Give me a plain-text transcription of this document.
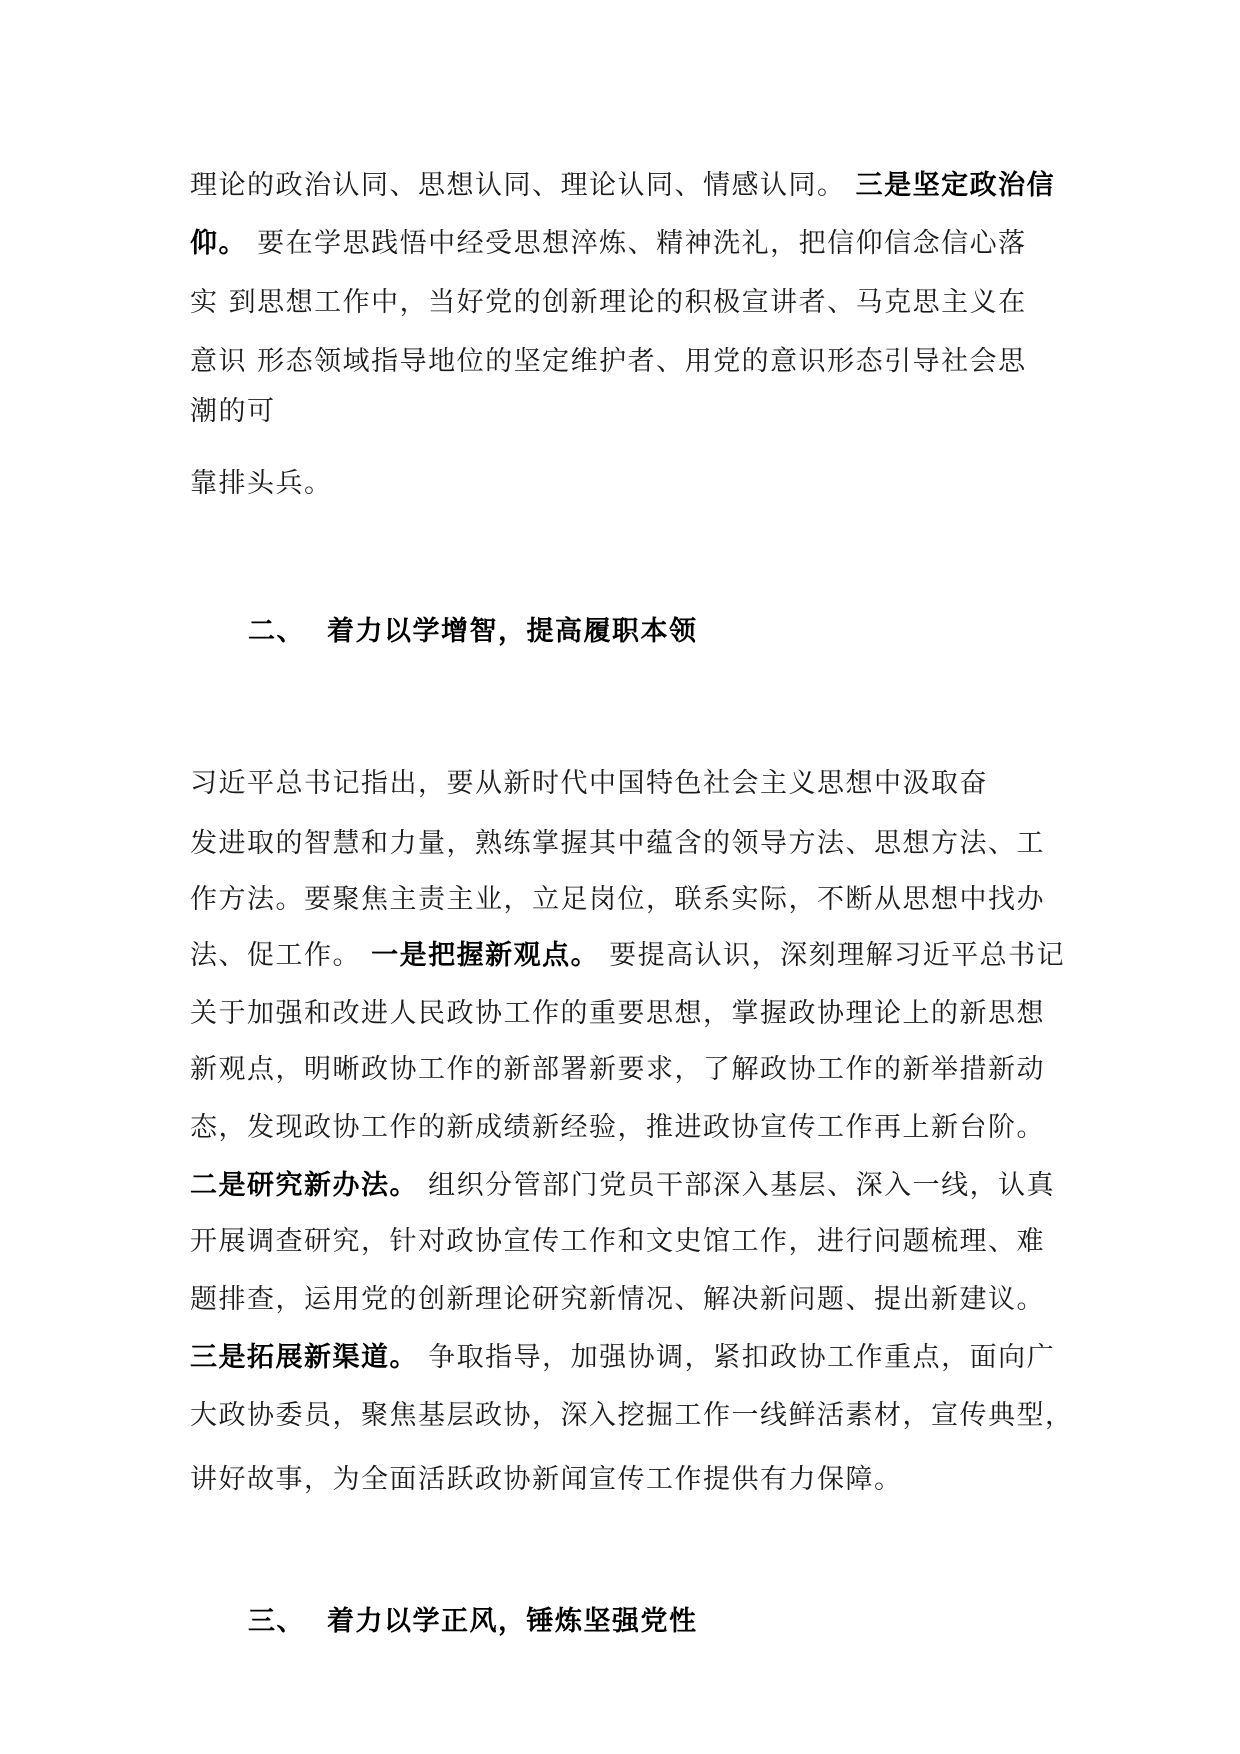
理论的政治认同、思想认同、理论认同、情感认同。 三是坚定政治信
仰。 要在学思践悟中经受思想淬炼、精神洗礼，把信仰信念信心落
实 到思想工作中，当好党的创新理论的积极宣讲者、马克思主义在
意识 形态领域指导地位的坚定维护者、用党的意识形态引导社会思
潮的可
靠排头兵。
二、 着力以学增智，提高履职本领
习近平总书记指出，要从新时代中国特色社会主义思想中汲取奋
发进取的智慧和力量，熟练掌握其中蕴含的领导方法、思想方法、工
作方法。要聚焦主责主业，立足岗位，联系实际，不断从思想中找办
法、促工作。 一是把握新观点。 要提高认识，深刻理解习近平总书记
关于加强和改进人民政协工作的重要思想，掌握政协理论上的新思想
新观点，明晰政协工作的新部署新要求，了解政协工作的新举措新动
态，发现政协工作的新成绩新经验，推进政协宣传工作再上新台阶。
二是研究新办法。 组织分管部门党员干部深入基层、深入一线，认真
开展调查研究，针对政协宣传工作和文史馆工作，进行问题梳理、难
题排查，运用党的创新理论研究新情况、解决新问题、提出新建议。
三是拓展新渠道。 争取指导，加强协调，紧扣政协工作重点，面向广
大政协委员，聚焦基层政协，深入挖掘工作一线鲜活素材，宣传典型，
讲好故事，为全面活跃政协新闻宣传工作提供有力保障。
三、 着力以学正风，锤炼坚强党性
